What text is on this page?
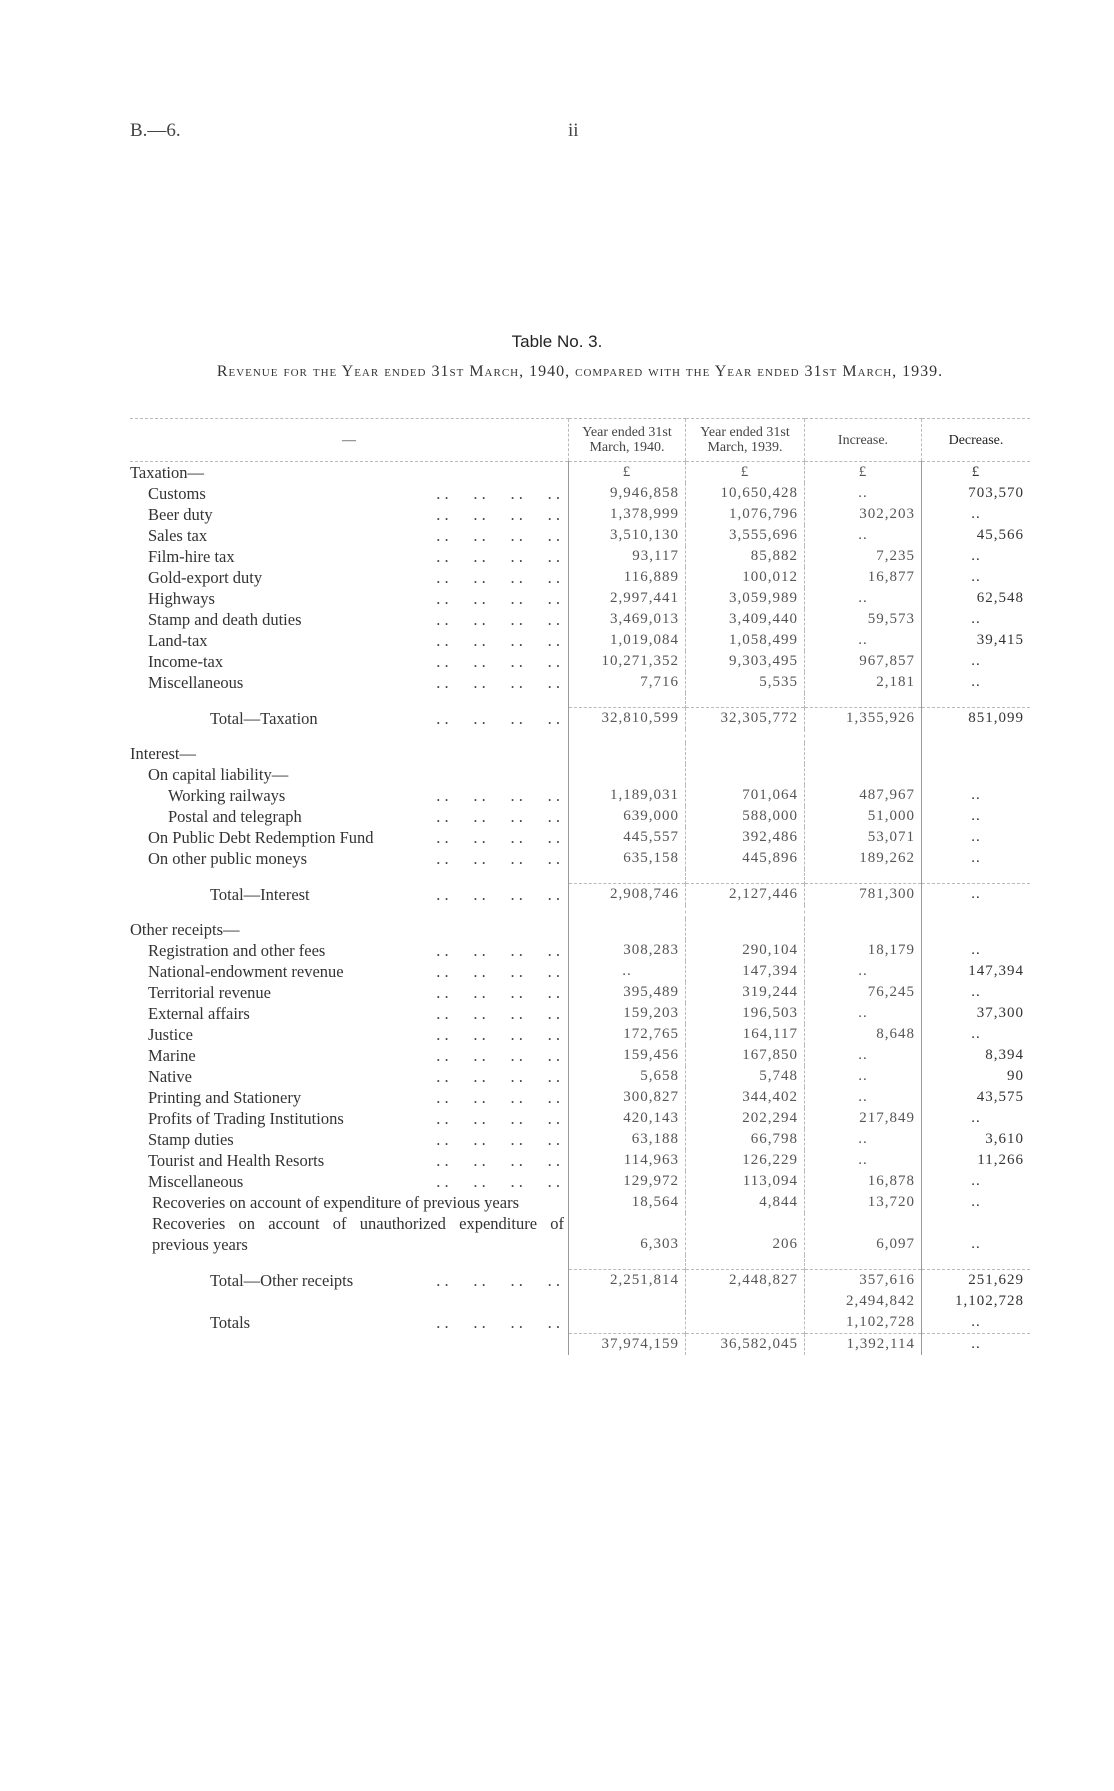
B.—6.	ii
Table No. 3.
Revenue for the Year ended 31st March, 1940, compared with the Year ended 31st March, 1939.
—	Year ended 31st March, 1940.	Year ended 31st March, 1939.	Increase.	Decrease.
Taxation—	£	£	£	£
Customs . .	9,946,858	10,650,428	..	703,570
Beer duty . .	1,378,999	1,076,796	302,203	..
Sales tax . .	3,510,130	3,555,696	..	45,566
Film-hire tax . .	93,117	85,882	7,235	..
Gold-export duty . .	116,889	100,012	16,877	..
Highways . .	2,997,441	3,059,989	..	62,548
Stamp and death duties . .	3,469,013	3,409,440	59,573	..
Land-tax . .	1,019,084	1,058,499	..	39,415
Income-tax . .	10,271,352	9,303,495	967,857	..
Miscellaneous . .	7,716	5,535	2,181	..

Total—Taxation . .	32,810,599	32,305,772	1,355,926	851,099

Interest—				
On capital liability—				
Working railways . .	1,189,031	701,064	487,967	..
Postal and telegraph . .	639,000	588,000	51,000	..
On Public Debt Redemption Fund . .	445,557	392,486	53,071	..
On other public moneys . .	635,158	445,896	189,262	..

Total—Interest . .	2,908,746	2,127,446	781,300	..

Other receipts—				
Registration and other fees . .	308,283	290,104	18,179	..
National-endowment revenue . .	..	147,394	..	147,394
Territorial revenue . .	395,489	319,244	76,245	..
External affairs . .	159,203	196,503	..	37,300
Justice . .	172,765	164,117	8,648	..
Marine . .	159,456	167,850	..	8,394
Native . .	5,658	5,748	..	90
Printing and Stationery . .	300,827	344,402	..	43,575
Profits of Trading Institutions . .	420,143	202,294	217,849	..
Stamp duties . .	63,188	66,798	..	3,610
Tourist and Health Resorts . .	114,963	126,229	..	11,266
Miscellaneous . .	129,972	113,094	16,878	..
Recoveries on account of expenditure of previous years	18,564	4,844	13,720	..
Recoveries on account of unauthorized expenditure of previous years	6,303	206	6,097	..

Total—Other receipts . .	2,251,814	2,448,827	357,616	251,629
			2,494,842	1,102,728
Totals . .			1,102,728	..
	37,974,159	36,582,045	1,392,114	..
